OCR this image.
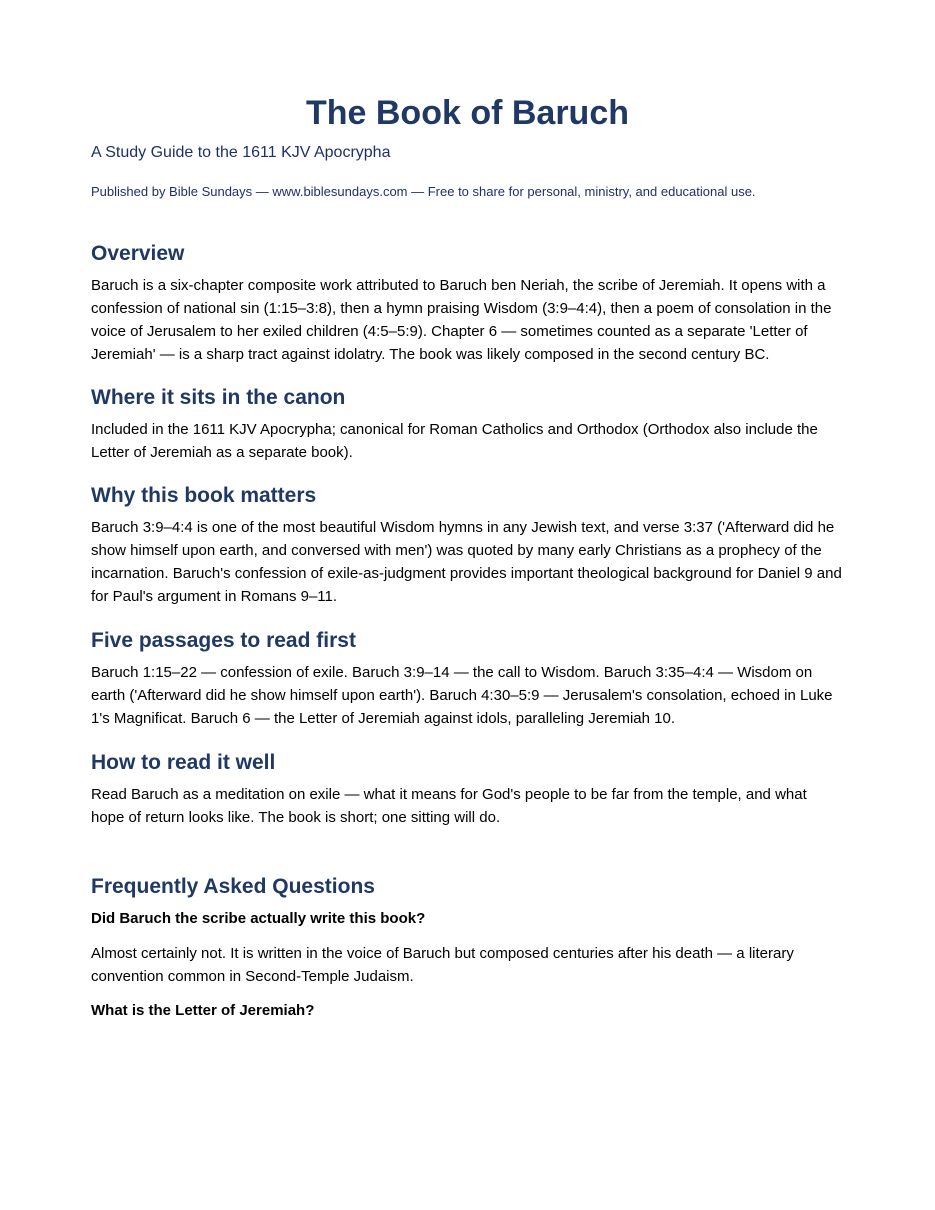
The Book of Baruch

A Study Guide to the 1611 KJV Apocrypha

Published by Bible Sundays — www.biblesundays.com — Free to share for personal, ministry, and educational use.

Overview

Baruch is a six-chapter composite work attributed to Baruch ben Neriah, the scribe of Jeremiah. It opens with a confession of national sin (1:15–3:8), then a hymn praising Wisdom (3:9–4:4), then a poem of consolation in the voice of Jerusalem to her exiled children (4:5–5:9). Chapter 6 — sometimes counted as a separate 'Letter of Jeremiah' — is a sharp tract against idolatry. The book was likely composed in the second century BC.

Where it sits in the canon

Included in the 1611 KJV Apocrypha; canonical for Roman Catholics and Orthodox (Orthodox also include the Letter of Jeremiah as a separate book).

Why this book matters

Baruch 3:9–4:4 is one of the most beautiful Wisdom hymns in any Jewish text, and verse 3:37 ('Afterward did he show himself upon earth, and conversed with men') was quoted by many early Christians as a prophecy of the incarnation. Baruch's confession of exile-as-judgment provides important theological background for Daniel 9 and for Paul's argument in Romans 9–11.

Five passages to read first

Baruch 1:15–22 — confession of exile. Baruch 3:9–14 — the call to Wisdom. Baruch 3:35–4:4 — Wisdom on earth ('Afterward did he show himself upon earth'). Baruch 4:30–5:9 — Jerusalem's consolation, echoed in Luke 1's Magnificat. Baruch 6 — the Letter of Jeremiah against idols, paralleling Jeremiah 10.

How to read it well

Read Baruch as a meditation on exile — what it means for God's people to be far from the temple, and what hope of return looks like. The book is short; one sitting will do.

Frequently Asked Questions

Did Baruch the scribe actually write this book?

Almost certainly not. It is written in the voice of Baruch but composed centuries after his death — a literary convention common in Second-Temple Judaism.

What is the Letter of Jeremiah?
